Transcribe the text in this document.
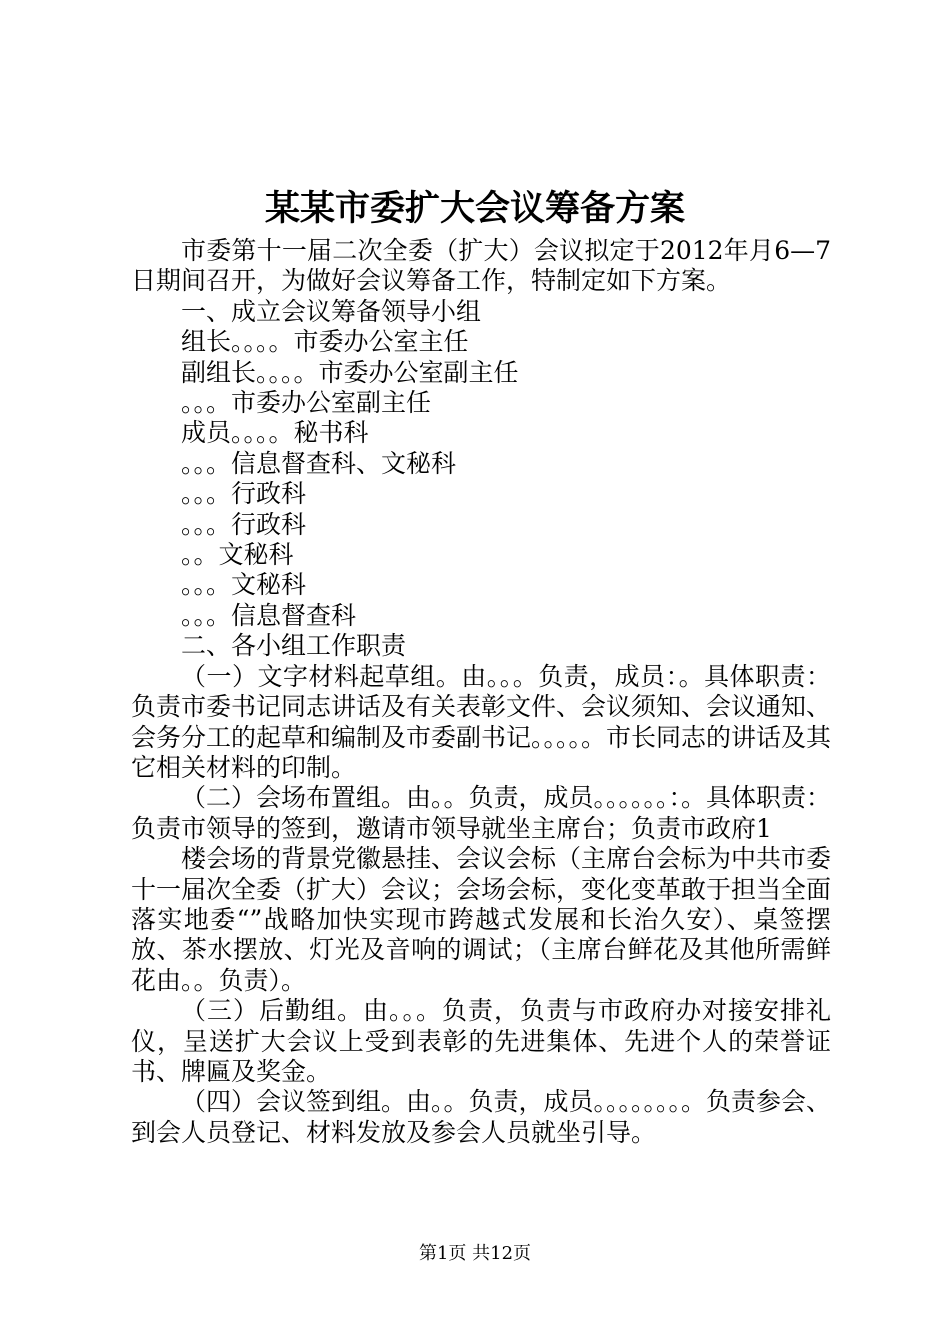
某某市委扩大会议筹备方案

市委第十一届二次全委（扩大）会议拟定于2012年月6—7日期间召开，为做好会议筹备工作，特制定如下方案。

一、成立会议筹备领导小组

组长。。。。市委办公室主任

副组长。。。。市委办公室副主任

。。。市委办公室副主任

成员。。。。秘书科

。。。信息督查科、文秘科

。。。行政科

。。。行政科

。。文秘科

。。。文秘科

。。。信息督查科

二、各小组工作职责

（一）文字材料起草组。由。。。负责，成员：。具体职责：负责市委书记同志讲话及有关表彰文件、会议须知、会议通知、会务分工的起草和编制及市委副书记。。。。。市长同志的讲话及其它相关材料的印制。

（二）会场布置组。由。。负责，成员。。。。。。：。具体职责：负责市领导的签到，邀请市领导就坐主席台；负责市政府1

楼会场的背景党徽悬挂、会议会标（主席台会标为中共市委十一届次全委（扩大）会议；会场会标，变化变革敢于担当全面落实地委“”战略加快实现市跨越式发展和长治久安）、桌签摆放、茶水摆放、灯光及音响的调试；（主席台鲜花及其他所需鲜花由。。负责）。

（三）后勤组。由。。。负责，负责与市政府办对接安排礼仪，呈送扩大会议上受到表彰的先进集体、先进个人的荣誉证书、牌匾及奖金。

（四）会议签到组。由。。负责，成员。。。。。。。。负责参会、到会人员登记、材料发放及参会人员就坐引导。

第1页 共12页
